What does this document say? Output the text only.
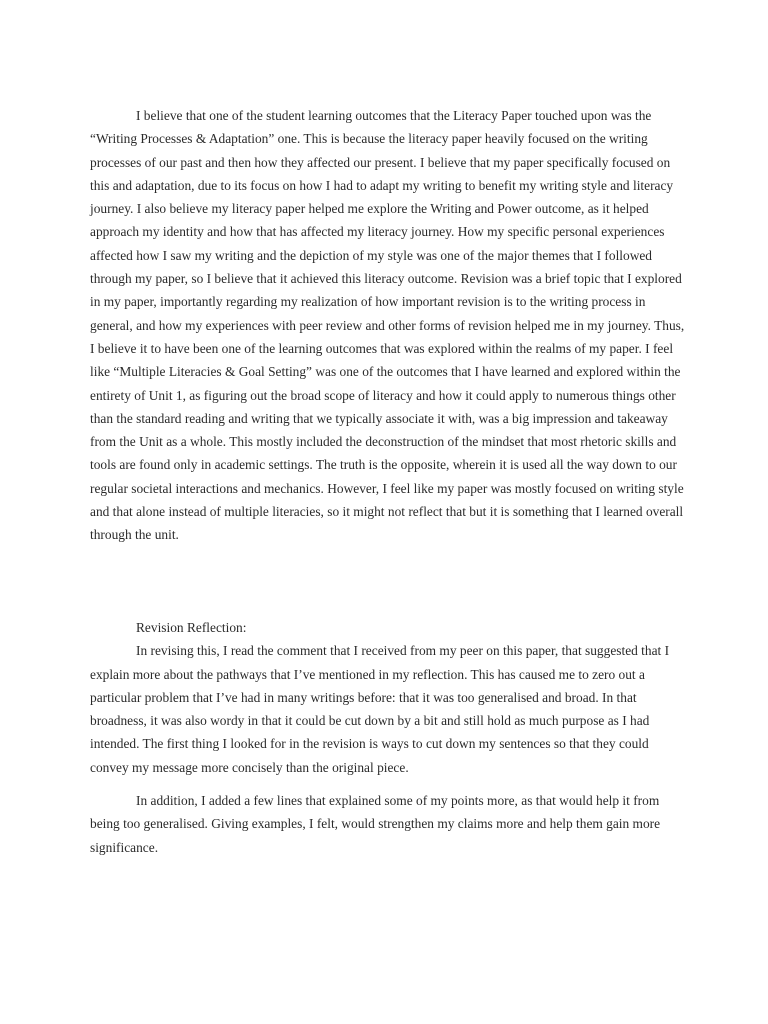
I believe that one of the student learning outcomes that the Literacy Paper touched upon was the “Writing Processes & Adaptation” one. This is because the literacy paper heavily focused on the writing processes of our past and then how they affected our present. I believe that my paper specifically focused on this and adaptation, due to its focus on how I had to adapt my writing to benefit my writing style and literacy journey. I also believe my literacy paper helped me explore the Writing and Power outcome, as it helped approach my identity and how that has affected my literacy journey. How my specific personal experiences affected how I saw my writing and the depiction of my style was one of the major themes that I followed through my paper, so I believe that it achieved this literacy outcome. Revision was a brief topic that I explored in my paper, importantly regarding my realization of how important revision is to the writing process in general, and how my experiences with peer review and other forms of revision helped me in my journey. Thus, I believe it to have been one of the learning outcomes that was explored within the realms of my paper. I feel like “Multiple Literacies & Goal Setting” was one of the outcomes that I have learned and explored within the entirety of Unit 1, as figuring out the broad scope of literacy and how it could apply to numerous things other than the standard reading and writing that we typically associate it with, was a big impression and takeaway from the Unit as a whole. This mostly included the deconstruction of the mindset that most rhetoric skills and tools are found only in academic settings. The truth is the opposite, wherein it is used all the way down to our regular societal interactions and mechanics. However, I feel like my paper was mostly focused on writing style and that alone instead of multiple literacies, so it might not reflect that but it is something that I learned overall through the unit.

Revision Reflection:

In revising this, I read the comment that I received from my peer on this paper, that suggested that I explain more about the pathways that I’ve mentioned in my reflection. This has caused me to zero out a particular problem that I’ve had in many writings before: that it was too generalised and broad. In that broadness, it was also wordy in that it could be cut down by a bit and still hold as much purpose as I had intended. The first thing I looked for in the revision is ways to cut down my sentences so that they could convey my message more concisely than the original piece.

In addition, I added a few lines that explained some of my points more, as that would help it from being too generalised. Giving examples, I felt, would strengthen my claims more and help them gain more significance.
